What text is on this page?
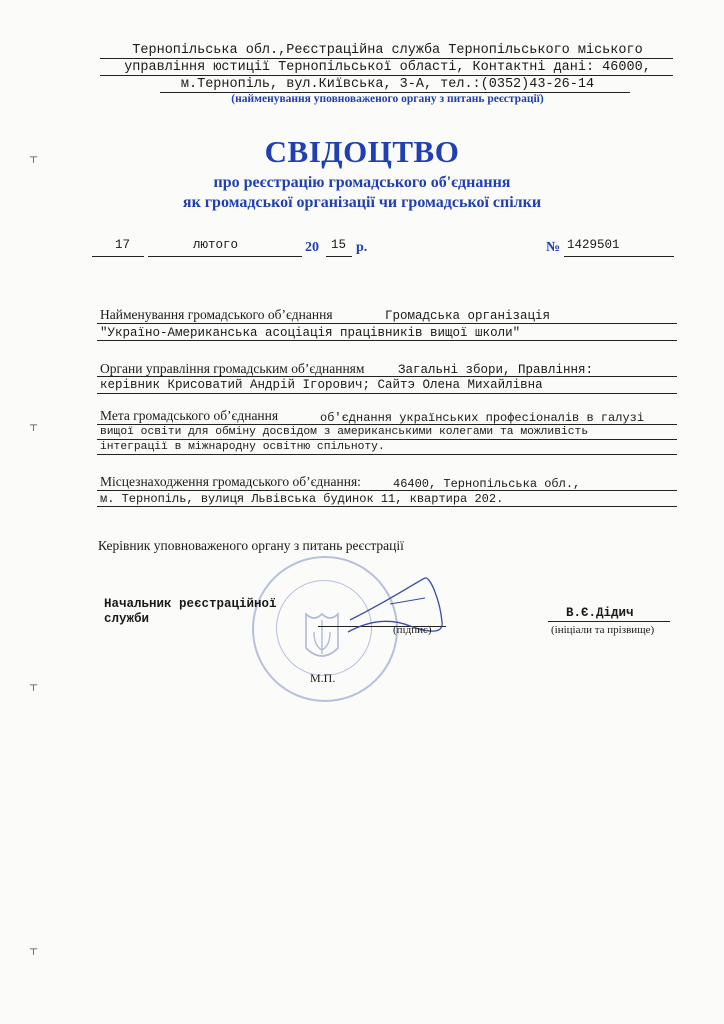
Тернопільська обл.,Реєстраційна служба Тернопільського міського
управління юстиції Тернопільської області, Контактні дані: 46000,
м.Тернопіль, вул.Київська, 3-А, тел.:(0352)43-26-14
(найменування уповноваженого органу з питань реєстрації)
СВІДОЦТВО
про реєстрацію громадського об'єднання
як громадської організації чи громадської спілки
17	лютого	20 15 р.	№ 1429501
Найменування громадського об’єднання	Громадська організація
"Україно-Американська асоціація працівників вищої школи"
Органи управління громадським об’єднанням	Загальні збори, Правління:
керівник Крисоватий Андрій Ігорович; Сайтэ Олена Михайлівна
Мета громадського об’єднання	об'єднання українських професіоналів в галузі
вищої освіти для обміну досвідом з американськими колегами та можливість
інтеграції в міжнародну освітню спільноту.
Місцезнаходження громадського об’єднання:	46400, Тернопільська обл.,
м. Тернопіль, вулиця Львівська будинок 11, квартира 202.
Керівник уповноваженого органу з питань реєстрації
Начальник реєстраційної
служби
(підпис)
В.Є.Дідич
(ініціали та прізвище)
М.П.
┬
┬
┬
┬
